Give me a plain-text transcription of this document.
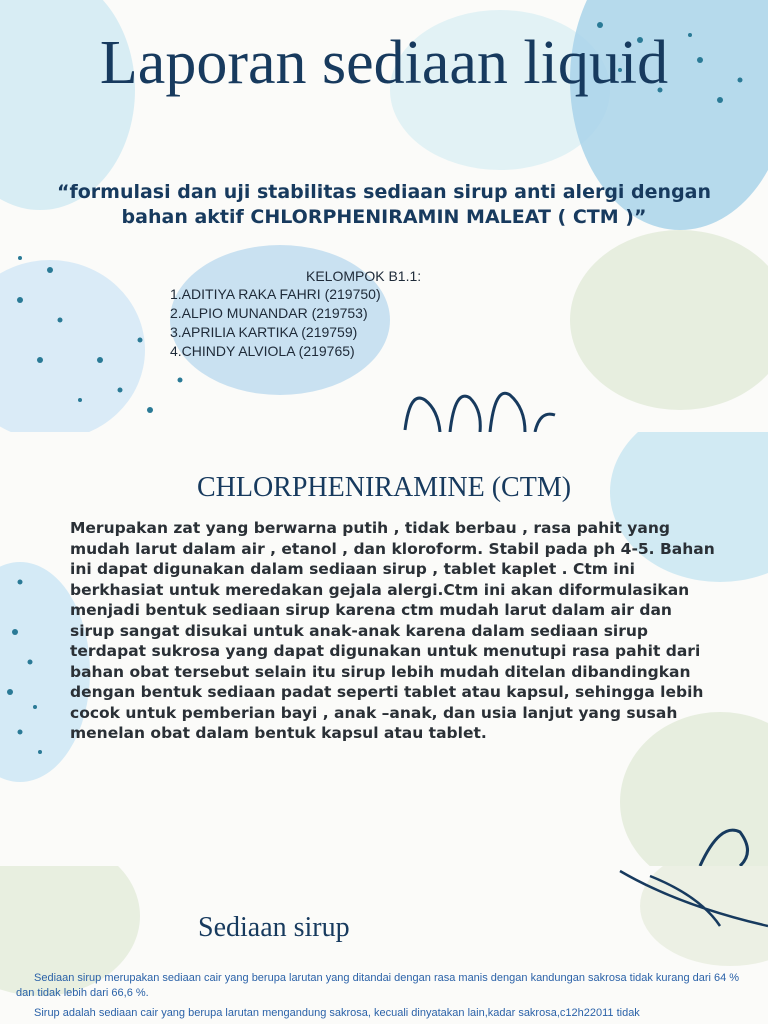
Laporan sediaan liquid

“formulasi dan uji stabilitas sediaan sirup anti alergi dengan bahan aktif CHLORPHENIRAMIN MALEAT ( CTM )”

KELOMPOK B1.1:
1.ADITIYA RAKA FAHRI (219750)
2.ALPIO MUNANDAR (219753)
3.APRILIA KARTIKA (219759)
4.CHINDY ALVIOLA (219765)
CHLORPHENIRAMINE (CTM)

Merupakan zat yang berwarna putih , tidak berbau , rasa pahit yang mudah larut dalam air , etanol , dan kloroform. Stabil pada ph 4-5. Bahan ini dapat digunakan dalam sediaan sirup , tablet kaplet . Ctm ini berkhasiat untuk meredakan gejala alergi.Ctm ini akan diformulasikan menjadi bentuk sediaan sirup karena ctm mudah larut dalam air dan sirup sangat disukai untuk anak-anak karena dalam sediaan sirup terdapat sukrosa yang dapat digunakan untuk menutupi rasa pahit dari bahan obat tersebut selain itu sirup lebih mudah ditelan dibandingkan dengan bentuk sediaan padat seperti tablet atau kapsul, sehingga lebih cocok untuk pemberian bayi , anak –anak, dan usia lanjut yang susah menelan obat dalam bentuk kapsul atau tablet.

Sediaan sirup

Sediaan sirup merupakan sediaan cair yang berupa larutan yang ditandai dengan rasa manis dengan kandungan sakrosa tidak kurang dari 64 % dan tidak lebih dari 66,6 %.

Sirup adalah sediaan cair yang berupa larutan mengandung sakrosa, kecuali dinyatakan lain,kadar sakrosa,c12h22011 tidak
